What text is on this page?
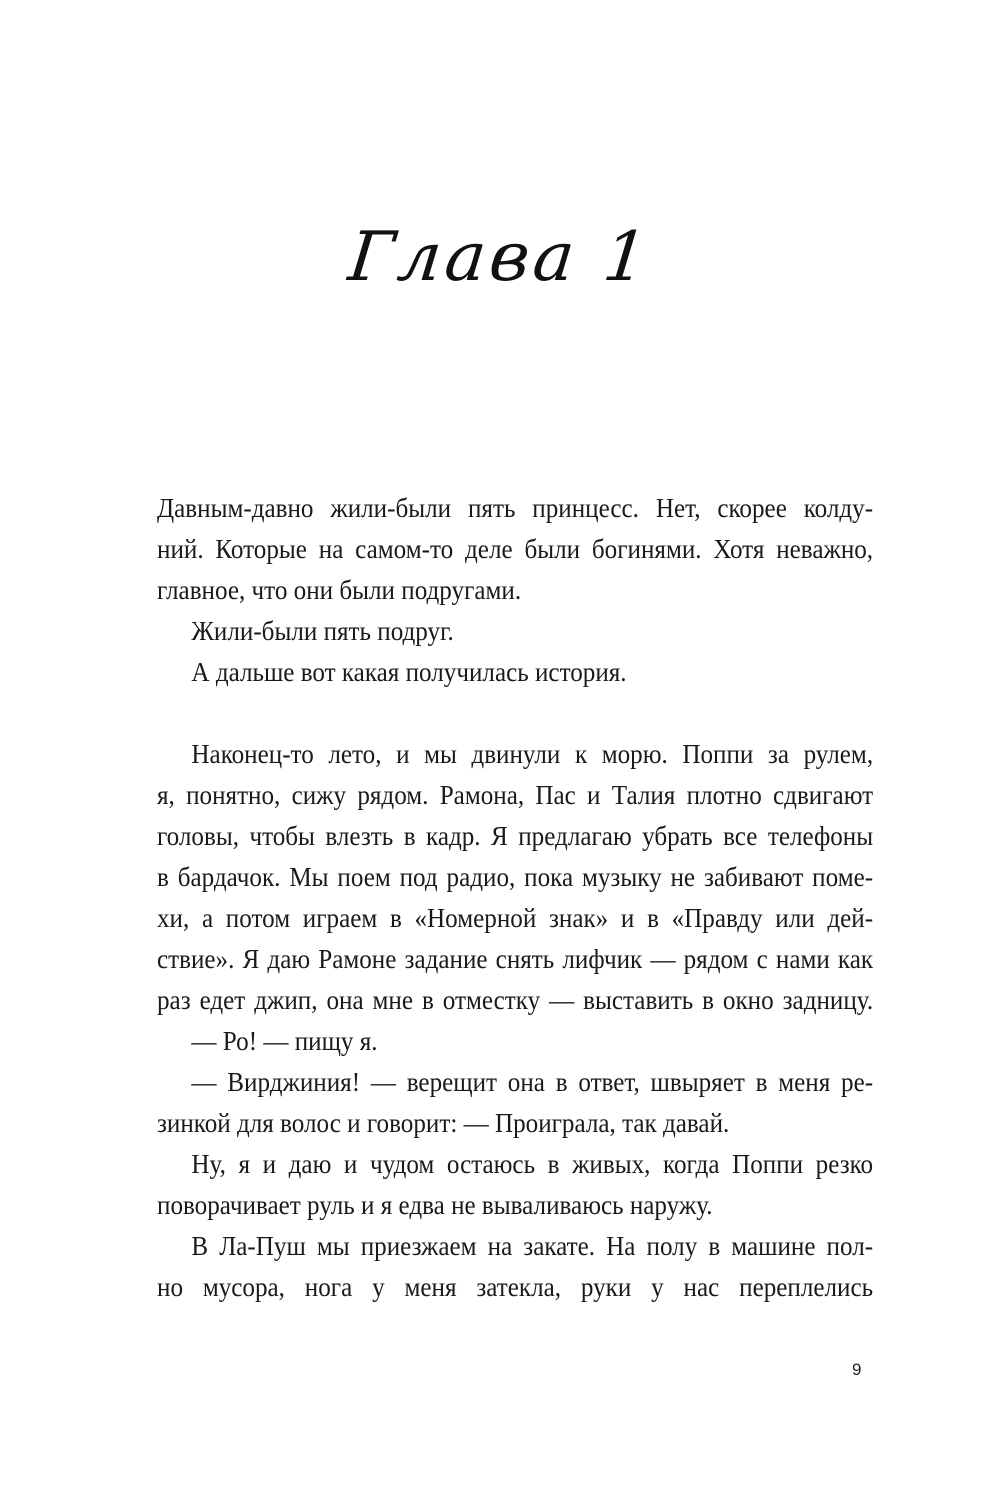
Глава 1
Давным-давно жили-были пять принцесс. Нет, скорее колду-
ний. Которые на самом-то деле были богинями. Хотя неважно,
главное, что они были подругами.
Жили-были пять подруг.
А дальше вот какая получилась история.
Наконец-то лето, и мы двинули к морю. Поппи за рулем,
я, понятно, сижу рядом. Рамона, Пас и Талия плотно сдвигают
головы, чтобы влезть в кадр. Я предлагаю убрать все телефоны
в бардачок. Мы поем под радио, пока музыку не забивают поме-
хи, а потом играем в «Номерной знак» и в «Правду или дей-
ствие». Я даю Рамоне задание снять лифчик — рядом с нами как
раз едет джип, она мне в отместку — выставить в окно задницу.
— Ро! — пищу я.
— Вирджиния! — верещит она в ответ, швыряет в меня ре-
зинкой для волос и говорит: — Проиграла, так давай.
Ну, я и даю и чудом остаюсь в живых, когда Поппи резко
поворачивает руль и я едва не вываливаюсь наружу.
В Ла-Пуш мы приезжаем на закате. На полу в машине пол-
но мусора, нога у меня затекла, руки у нас переплелись
9
